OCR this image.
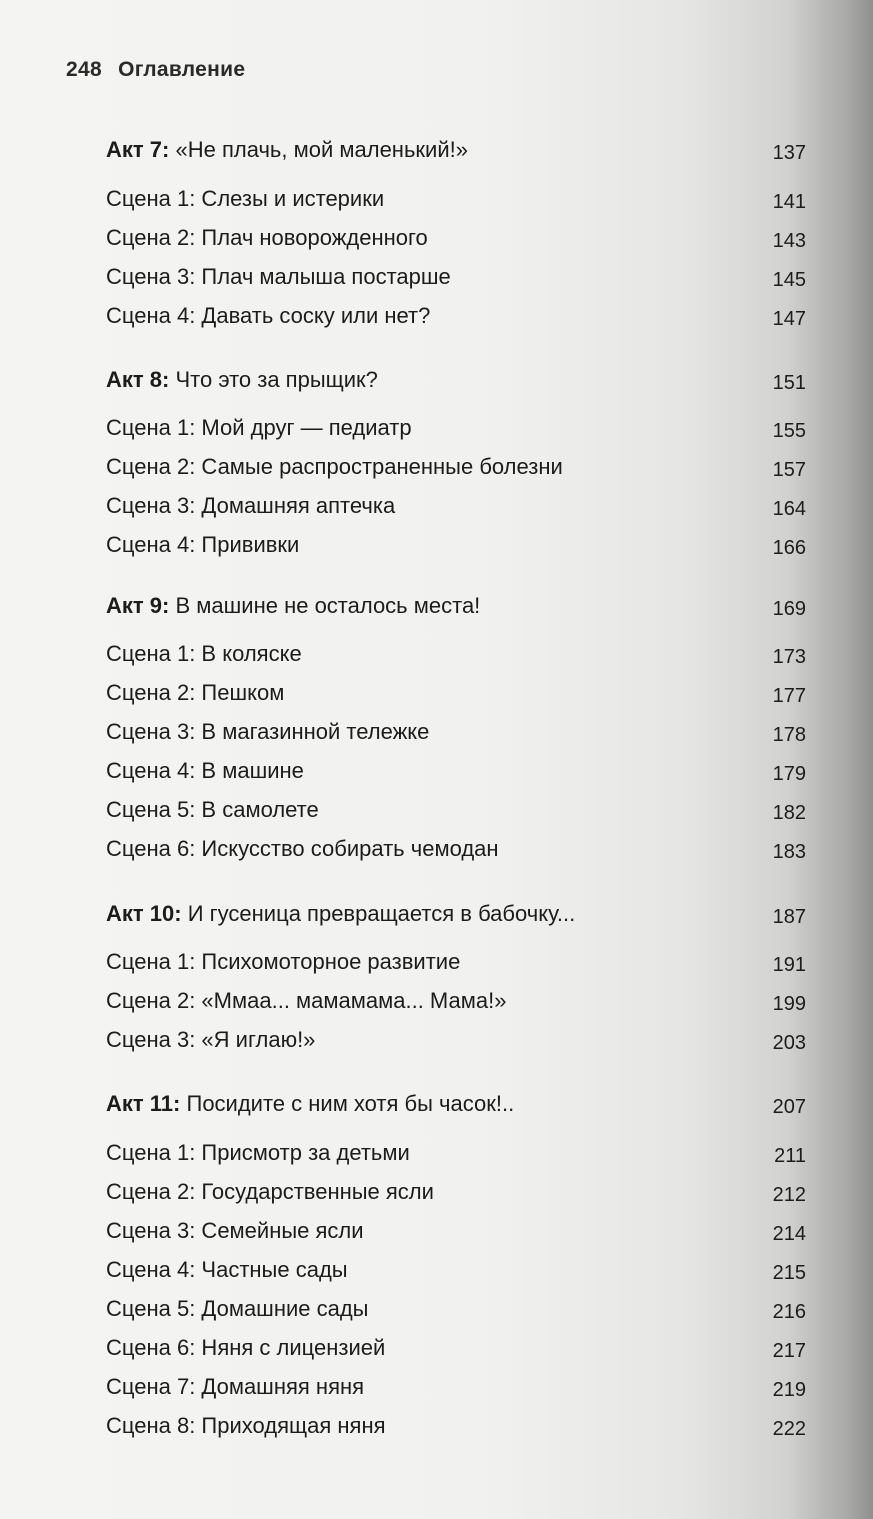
248 Оглавление
Акт 7: «Не плачь, мой маленький!»	137
Сцена 1: Слезы и истерики	141
Сцена 2: Плач новорожденного	143
Сцена 3: Плач малыша постарше	145
Сцена 4: Давать соску или нет?	147
Акт 8: Что это за прыщик?	151
Сцена 1: Мой друг — педиатр	155
Сцена 2: Самые распространенные болезни	157
Сцена 3: Домашняя аптечка	164
Сцена 4: Прививки	166
Акт 9: В машине не осталось места!	169
Сцена 1: В коляске	173
Сцена 2: Пешком	177
Сцена 3: В магазинной тележке	178
Сцена 4: В машине	179
Сцена 5: В самолете	182
Сцена 6: Искусство собирать чемодан	183
Акт 10: И гусеница превращается в бабочку...	187
Сцена 1: Психомоторное развитие	191
Сцена 2: «Ммаа... мамамама... Мама!»	199
Сцена 3: «Я иглаю!»	203
Акт 11: Посидите с ним хотя бы часок!..	207
Сцена 1: Присмотр за детьми	211
Сцена 2: Государственные ясли	212
Сцена 3: Семейные ясли	214
Сцена 4: Частные сады	215
Сцена 5: Домашние сады	216
Сцена 6: Няня с лицензией	217
Сцена 7: Домашняя няня	219
Сцена 8: Приходящая няня	222
